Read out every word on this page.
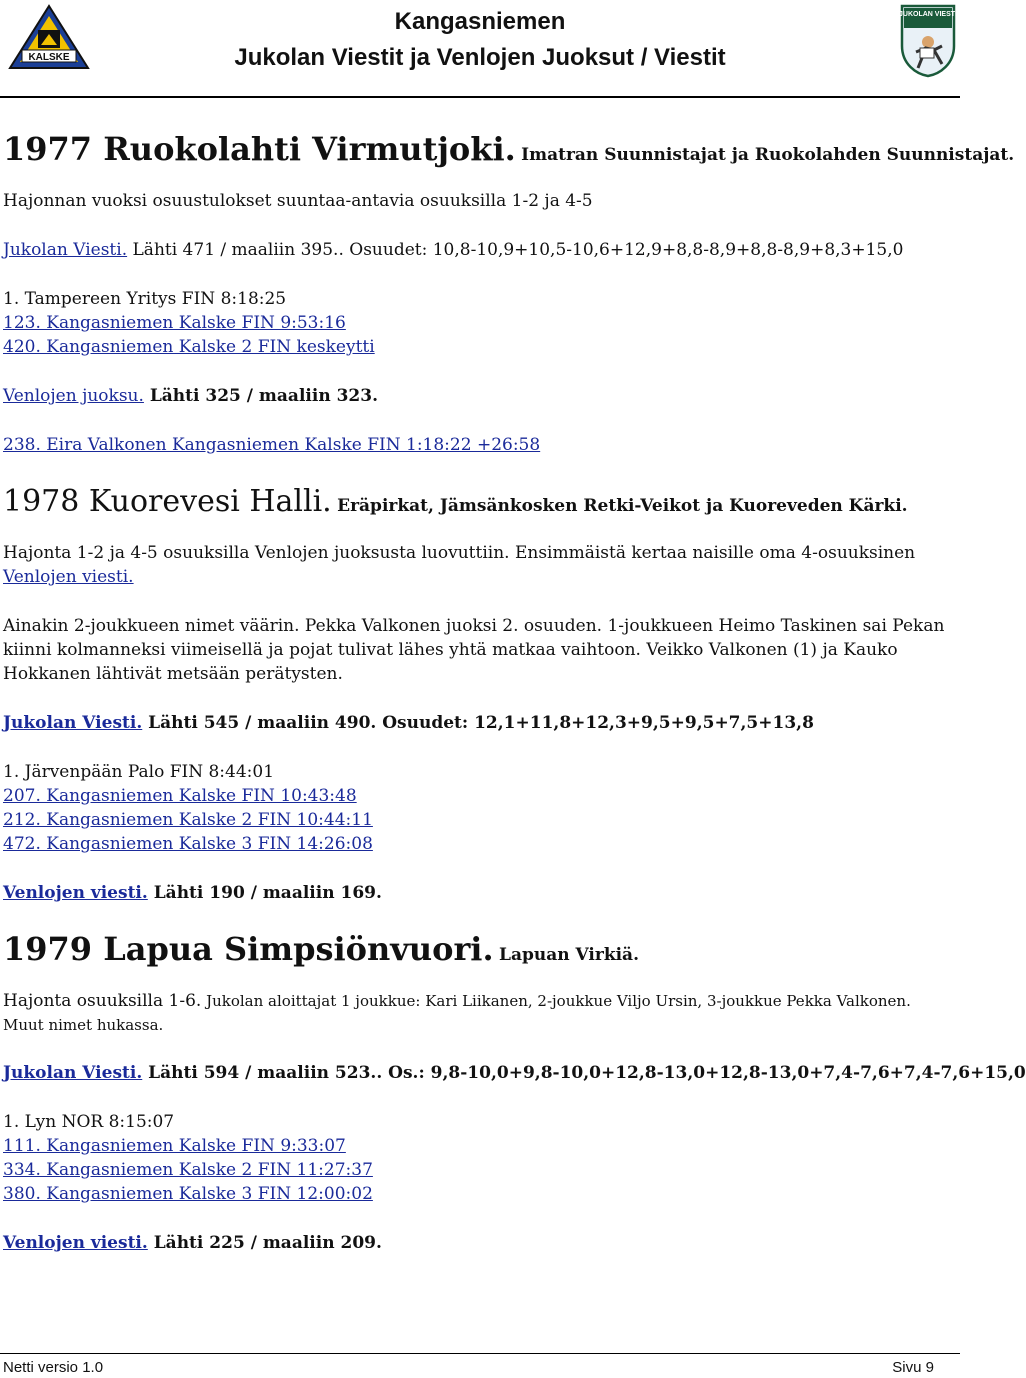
KALSKE
Kangasniemen
Jukolan Viestit ja Venlojen Juoksut / Viestit
JUKOLAN VIESTI
1977 Ruokolahti Virmutjoki. Imatran Suunnistajat ja Ruokolahden Suunnistajat.
Hajonnan vuoksi osuustulokset suuntaa-antavia osuuksilla 1-2 ja 4-5
Jukolan Viesti. Lähti 471 / maaliin 395.. Osuudet: 10,8-10,9+10,5-10,6+12,9+8,8-8,9+8,8-8,9+8,3+15,0
1. Tampereen Yritys FIN 8:18:25
123. Kangasniemen Kalske FIN 9:53:16
420. Kangasniemen Kalske 2 FIN keskeytti
Venlojen juoksu. Lähti 325 / maaliin 323.
238. Eira Valkonen Kangasniemen Kalske FIN 1:18:22 +26:58
1978 Kuorevesi Halli. Eräpirkat, Jämsänkosken Retki-Veikot ja Kuoreveden Kärki.
Hajonta 1-2 ja 4-5 osuuksilla Venlojen juoksusta luovuttiin. Ensimmäistä kertaa naisille oma 4-osuuksinen
Venlojen viesti.
Ainakin 2-joukkueen nimet väärin. Pekka Valkonen juoksi 2. osuuden. 1-joukkueen Heimo Taskinen sai Pekan
kiinni kolmanneksi viimeisellä ja pojat tulivat lähes yhtä matkaa vaihtoon. Veikko Valkonen (1) ja Kauko
Hokkanen lähtivät metsään perätysten.
Jukolan Viesti. Lähti 545 / maaliin 490. Osuudet: 12,1+11,8+12,3+9,5+9,5+7,5+13,8
1. Järvenpään Palo FIN 8:44:01
207. Kangasniemen Kalske FIN 10:43:48
212. Kangasniemen Kalske 2 FIN 10:44:11
472. Kangasniemen Kalske 3 FIN 14:26:08
Venlojen viesti. Lähti 190 / maaliin 169.
1979 Lapua Simpsiönvuori. Lapuan Virkiä.
Hajonta osuuksilla 1-6. Jukolan aloittajat 1 joukkue: Kari Liikanen, 2-joukkue Viljo Ursin, 3-joukkue Pekka Valkonen.
Muut nimet hukassa.
Jukolan Viesti. Lähti 594 / maaliin 523.. Os.: 9,8-10,0+9,8-10,0+12,8-13,0+12,8-13,0+7,4-7,6+7,4-7,6+15,0
1. Lyn NOR 8:15:07
111. Kangasniemen Kalske FIN 9:33:07
334. Kangasniemen Kalske 2 FIN 11:27:37
380. Kangasniemen Kalske 3 FIN 12:00:02
Venlojen viesti. Lähti 225 / maaliin 209.
Netti versio 1.0	Sivu 9
